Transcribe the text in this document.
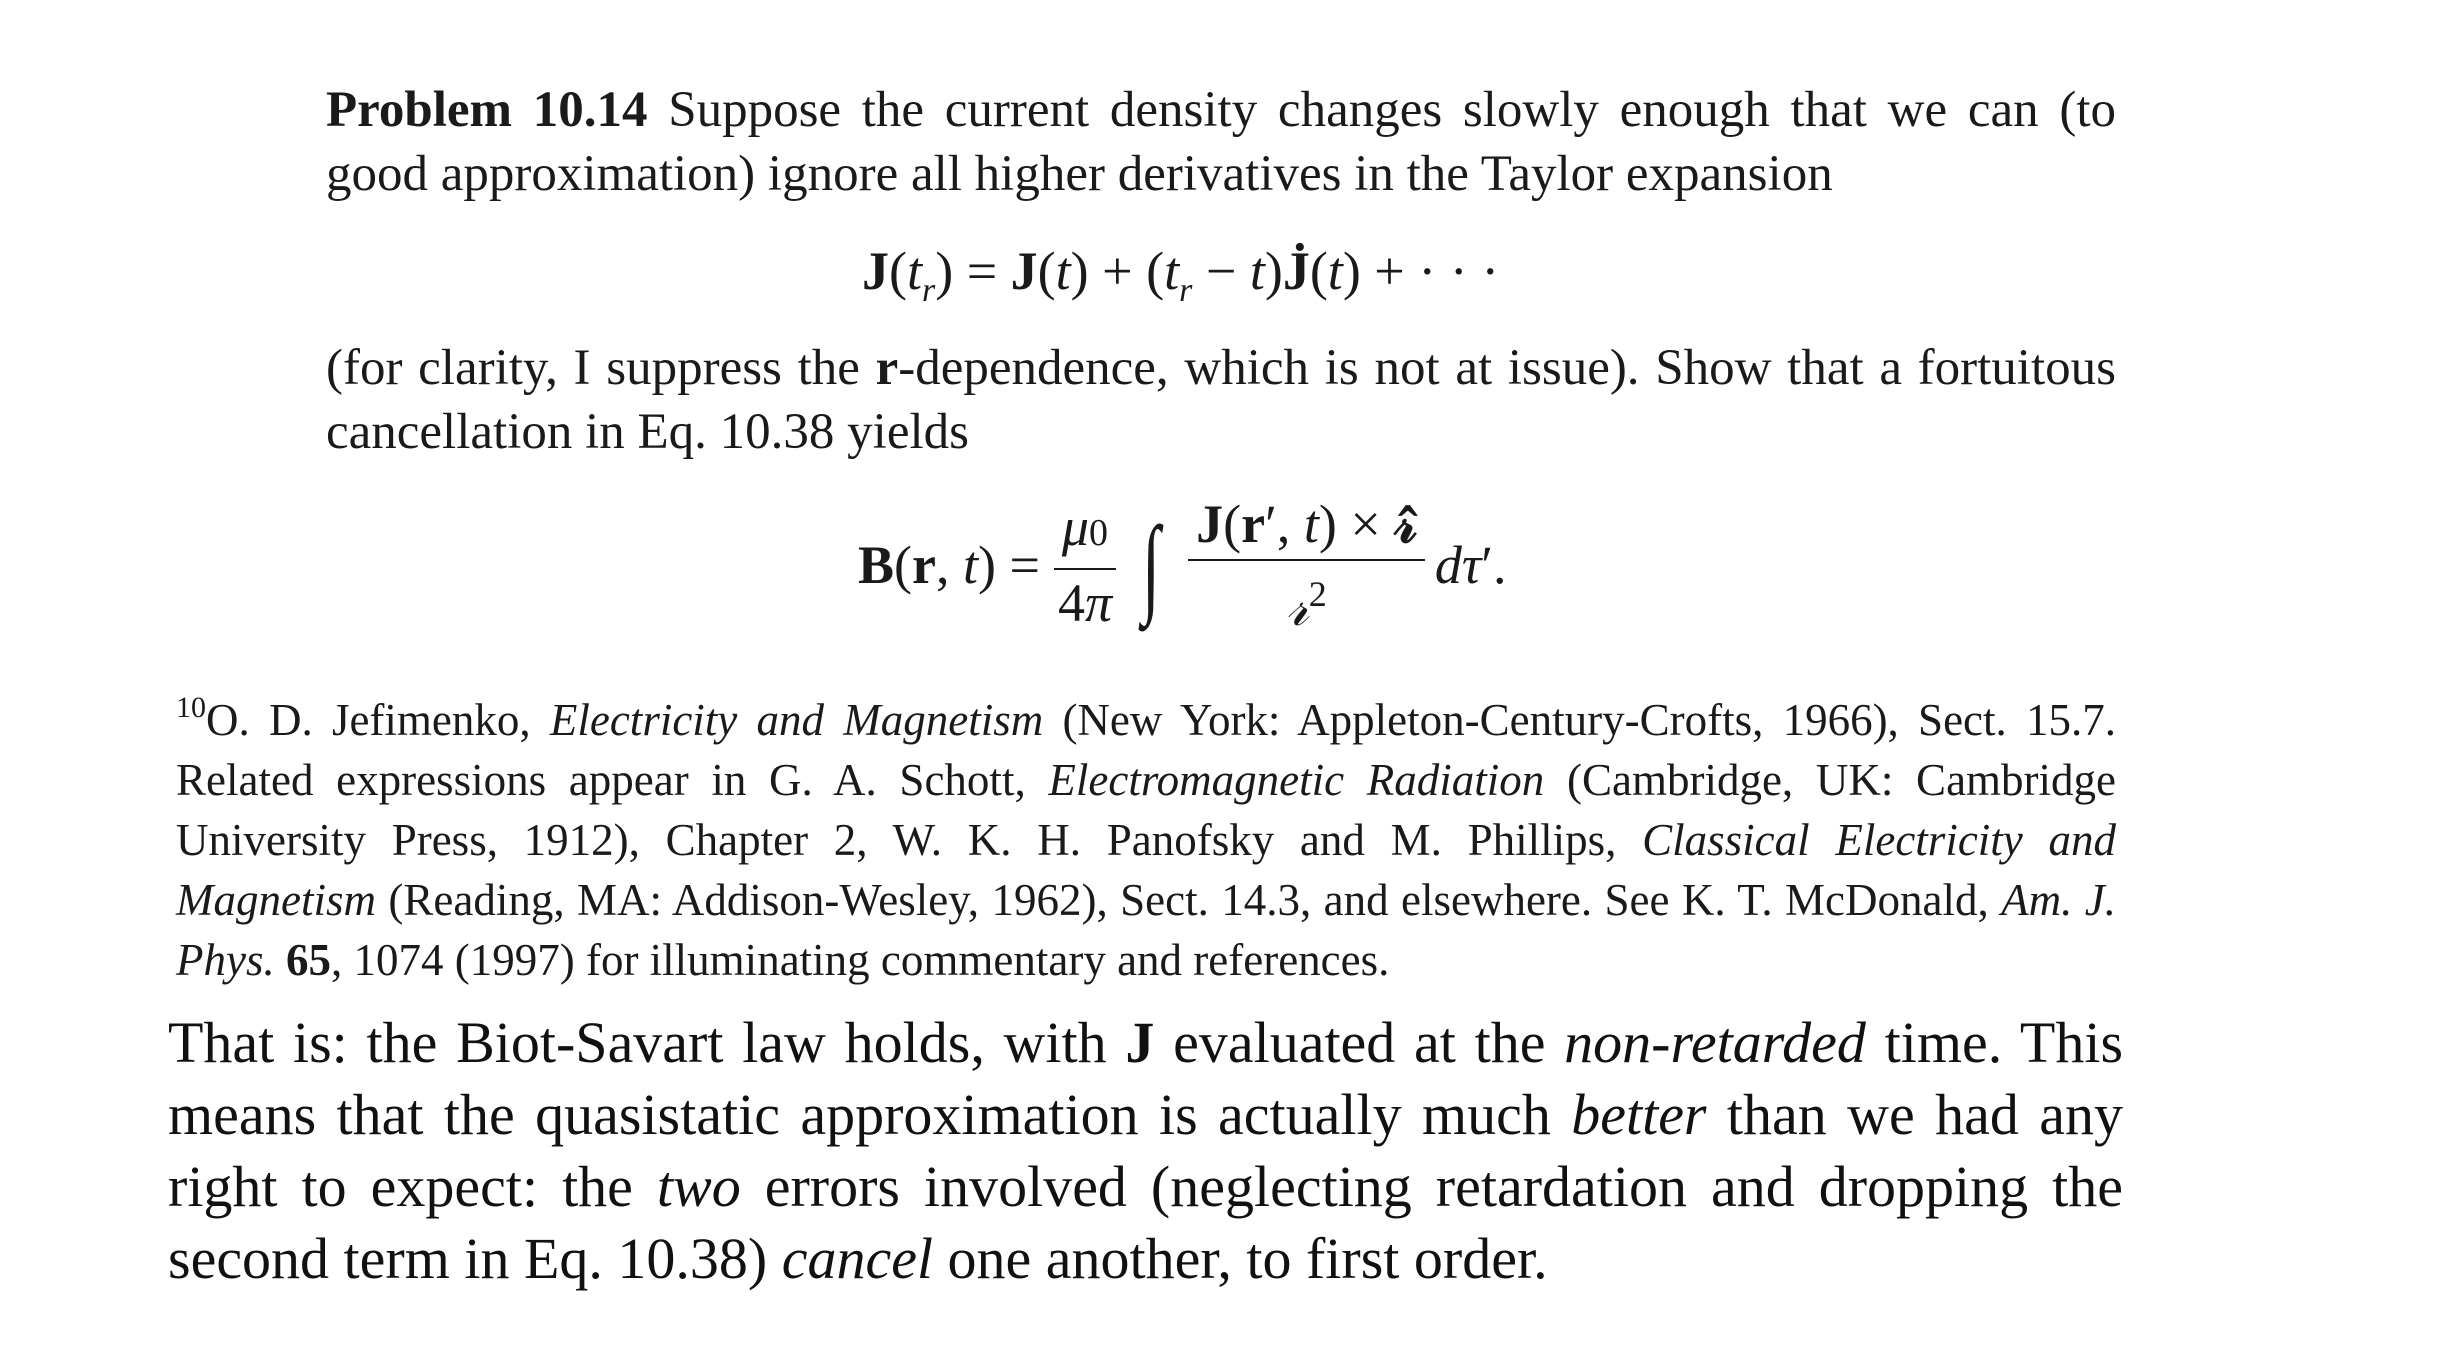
Problem 10.14 Suppose the current density changes slowly enough that we can (to good approximation) ignore all higher derivatives in the Taylor expansion
$J(t_r) = J(t) + (t_r$ − t)J̇(t) + · · ·
(for clarity, I suppress the r-dependence, which is not at issue). Show that a fortuitous cancellation in Eq. 10.38 yields
B(r, $t) = \frac{\mu 0}{4\pi}$ ∫ $\frac{\text{J(r′, t) × 𝓇̂}}{𝓇^2} d\tau'$.
$^{10}$O. D. Jefimenko, Electricity and Magnetism (New York: Appleton-Century-Crofts, 1966), Sect. 15.7. Related expressions appear in G. A. Schott, Electromagnetic Radiation (Cambridge, UK: Cambridge University Press, 1912), Chapter 2, W. K. H. Panofsky and M. Phillips, Classical Electricity and Magnetism (Reading, MA: Addison-Wesley, 1962), Sect. 14.3, and elsewhere. See K. T. McDonald, Am. J. Phys. 65, 1074 (1997) for illuminating commentary and references.
That is: the Biot-Savart law holds, with J evaluated at the non-retarded time. This means that the quasistatic approximation is actually much better than we had any right to expect: the two errors involved (neglecting retardation and dropping the second term in Eq. 10.38) cancel one another, to first order.
